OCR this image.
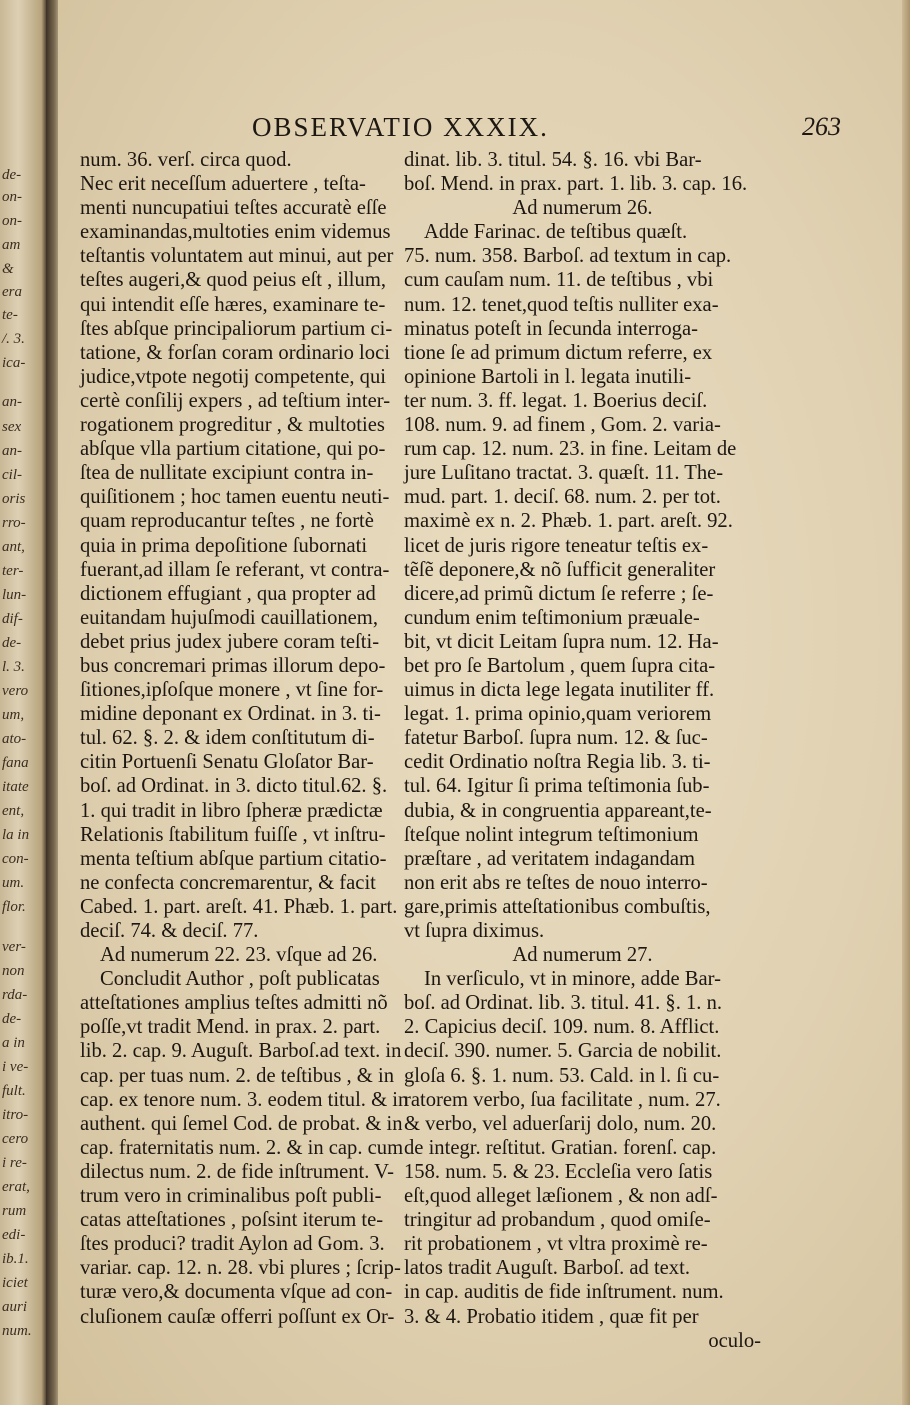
de-
on-
on-
am
&
era
te-
/. 3.
ica-
an-
sex
an-
cil-
oris
rro-
ant,
ter-
lun-
dif-
de-
l. 3.
vero
um,
ato-
fana
itate
ent,
la in
con-
um.
flor.
ver-
non
rda-
de-
a in
i ve-
fult.
itro-
cero
i re-
erat,
rum
edi-
ib.1.
iciet
auri
num.
OBSERVATIO XXXIX.	263
num. 36. verſ. circa quod.
Nec erit neceſſum aduertere , teſta-
menti nuncupatiui teſtes accuratè eſſe
examinandas,multoties enim videmus
teſtantis voluntatem aut minui, aut per
teſtes augeri,& quod peius eſt , illum,
qui intendit eſſe hæres, examinare te-
ſtes abſque principaliorum partium ci-
tatione, & forſan coram ordinario loci
judice,vtpote negotij competente, qui
certè conſilij expers , ad teſtium inter-
rogationem progreditur , & multoties
abſque vlla partium citatione, qui po-
ſtea de nullitate excipiunt contra in-
quiſitionem ; hoc tamen euentu neuti-
quam reproducantur teſtes , ne fortè
quia in prima depoſitione ſubornati
fuerant,ad illam ſe referant, vt contra-
dictionem effugiant , qua propter ad
euitandam hujuſmodi cauillationem,
debet prius judex jubere coram teſti-
bus concremari primas illorum depo-
ſitiones,ipſoſque monere , vt ſine for-
midine deponant ex Ordinat. in 3. ti-
tul. 62. §. 2. & idem conſtitutum di-
citin Portuenſi Senatu Gloſator Bar-
boſ. ad Ordinat. in 3. dicto titul.62. §.
1. qui tradit in libro ſpheræ prædictæ
Relationis ſtabilitum fuiſſe , vt inſtru-
menta teſtium abſque partium citatio-
ne confecta concremarentur, & facit
Cabed. 1. part. areſt. 41. Phæb. 1. part.
deciſ. 74. & deciſ. 77.
Ad numerum 22. 23. vſque ad 26.
Concludit Author , poſt publicatas
atteſtationes amplius teſtes admitti nõ
poſſe,vt tradit Mend. in prax. 2. part.
lib. 2. cap. 9. Auguſt. Barboſ.ad text. in
cap. per tuas num. 2. de teſtibus , & in
cap. ex tenore num. 3. eodem titul. & in
authent. qui ſemel Cod. de probat. & in
cap. fraternitatis num. 2. & in cap. cum
dilectus num. 2. de fide inſtrument. V-
trum vero in criminalibus poſt publi-
catas atteſtationes , poſsint iterum te-
ſtes produci? tradit Aylon ad Gom. 3.
variar. cap. 12. n. 28. vbi plures ; ſcrip-
turæ vero,& documenta vſque ad con-
cluſionem cauſæ offerri poſſunt ex Or-
dinat. lib. 3. titul. 54. §. 16. vbi Bar-
boſ. Mend. in prax. part. 1. lib. 3. cap. 16.
Ad numerum 26.
Adde Farinac. de teſtibus quæſt.
75. num. 358. Barboſ. ad textum in cap.
cum cauſam num. 11. de teſtibus , vbi
num. 12. tenet,quod teſtis nulliter exa-
minatus poteſt in ſecunda interroga-
tione ſe ad primum dictum referre, ex
opinione Bartoli in l. legata inutili-
ter num. 3. ff. legat. 1. Boerius deciſ.
108. num. 9. ad finem , Gom. 2. varia-
rum cap. 12. num. 23. in fine. Leitam de
jure Luſitano tractat. 3. quæſt. 11. The-
mud. part. 1. deciſ. 68. num. 2. per tot.
maximè ex n. 2. Phæb. 1. part. areſt. 92.
licet de juris rigore teneatur teſtis ex-
tẽſẽ deponere,& nõ ſufficit generaliter
dicere,ad primũ dictum ſe referre ; ſe-
cundum enim teſtimonium præuale-
bit, vt dicit Leitam ſupra num. 12. Ha-
bet pro ſe Bartolum , quem ſupra cita-
uimus in dicta lege legata inutiliter ff.
legat. 1. prima opinio,quam veriorem
fatetur Barboſ. ſupra num. 12. & ſuc-
cedit Ordinatio noſtra Regia lib. 3. ti-
tul. 64. Igitur ſi prima teſtimonia ſub-
dubia, & in congruentia appareant,te-
ſteſque nolint integrum teſtimonium
præſtare , ad veritatem indagandam
non erit abs re teſtes de nouo interro-
gare,primis atteſtationibus combuſtis,
vt ſupra diximus.
Ad numerum 27.
In verſiculo, vt in minore, adde Bar-
boſ. ad Ordinat. lib. 3. titul. 41. §. 1. n.
2. Capicius deciſ. 109. num. 8. Afflict.
deciſ. 390. numer. 5. Garcia de nobilit.
gloſa 6. §. 1. num. 53. Cald. in l. ſi cu-
ratorem verbo, ſua facilitate , num. 27.
& verbo, vel aduerſarij dolo, num. 20.
de integr. reſtitut. Gratian. forenſ. cap.
158. num. 5. & 23. Eccleſia vero ſatis
eſt,quod alleget læſionem , & non adſ-
tringitur ad probandum , quod omiſe-
rit probationem , vt vltra proximè re-
latos tradit Auguſt. Barboſ. ad text.
in cap. auditis de fide inſtrument. num.
3. & 4. Probatio itidem , quæ fit per
oculo-
